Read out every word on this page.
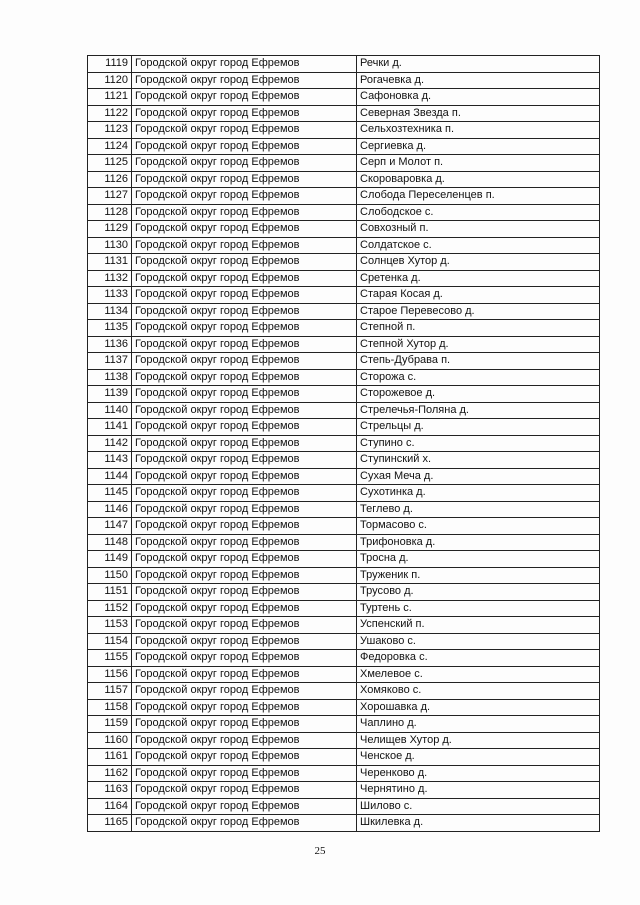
1119	Городской округ город Ефремов	Речки д.
1120	Городской округ город Ефремов	Рогачевка д.
1121	Городской округ город Ефремов	Сафоновка д.
1122	Городской округ город Ефремов	Северная Звезда п.
1123	Городской округ город Ефремов	Сельхозтехника п.
1124	Городской округ город Ефремов	Сергиевка д.
1125	Городской округ город Ефремов	Серп и Молот п.
1126	Городской округ город Ефремов	Скороваровка д.
1127	Городской округ город Ефремов	Слобода Переселенцев п.
1128	Городской округ город Ефремов	Слободское с.
1129	Городской округ город Ефремов	Совхозный п.
1130	Городской округ город Ефремов	Солдатское с.
1131	Городской округ город Ефремов	Солнцев Хутор д.
1132	Городской округ город Ефремов	Сретенка д.
1133	Городской округ город Ефремов	Старая Косая д.
1134	Городской округ город Ефремов	Старое Перевесово д.
1135	Городской округ город Ефремов	Степной п.
1136	Городской округ город Ефремов	Степной Хутор д.
1137	Городской округ город Ефремов	Степь-Дубрава п.
1138	Городской округ город Ефремов	Сторожа с.
1139	Городской округ город Ефремов	Сторожевое д.
1140	Городской округ город Ефремов	Стрелечья-Поляна д.
1141	Городской округ город Ефремов	Стрельцы д.
1142	Городской округ город Ефремов	Ступино с.
1143	Городской округ город Ефремов	Ступинский х.
1144	Городской округ город Ефремов	Сухая Меча д.
1145	Городской округ город Ефремов	Сухотинка д.
1146	Городской округ город Ефремов	Теглево д.
1147	Городской округ город Ефремов	Тормасово с.
1148	Городской округ город Ефремов	Трифоновка д.
1149	Городской округ город Ефремов	Тросна д.
1150	Городской округ город Ефремов	Труженик п.
1151	Городской округ город Ефремов	Трусово д.
1152	Городской округ город Ефремов	Туртень с.
1153	Городской округ город Ефремов	Успенский п.
1154	Городской округ город Ефремов	Ушаково с.
1155	Городской округ город Ефремов	Федоровка с.
1156	Городской округ город Ефремов	Хмелевое с.
1157	Городской округ город Ефремов	Хомяково с.
1158	Городской округ город Ефремов	Хорошавка д.
1159	Городской округ город Ефремов	Чаплино д.
1160	Городской округ город Ефремов	Челищев Хутор д.
1161	Городской округ город Ефремов	Ченское д.
1162	Городской округ город Ефремов	Черенково д.
1163	Городской округ город Ефремов	Чернятино д.
1164	Городской округ город Ефремов	Шилово с.
1165	Городской округ город Ефремов	Шкилевка д.
25
